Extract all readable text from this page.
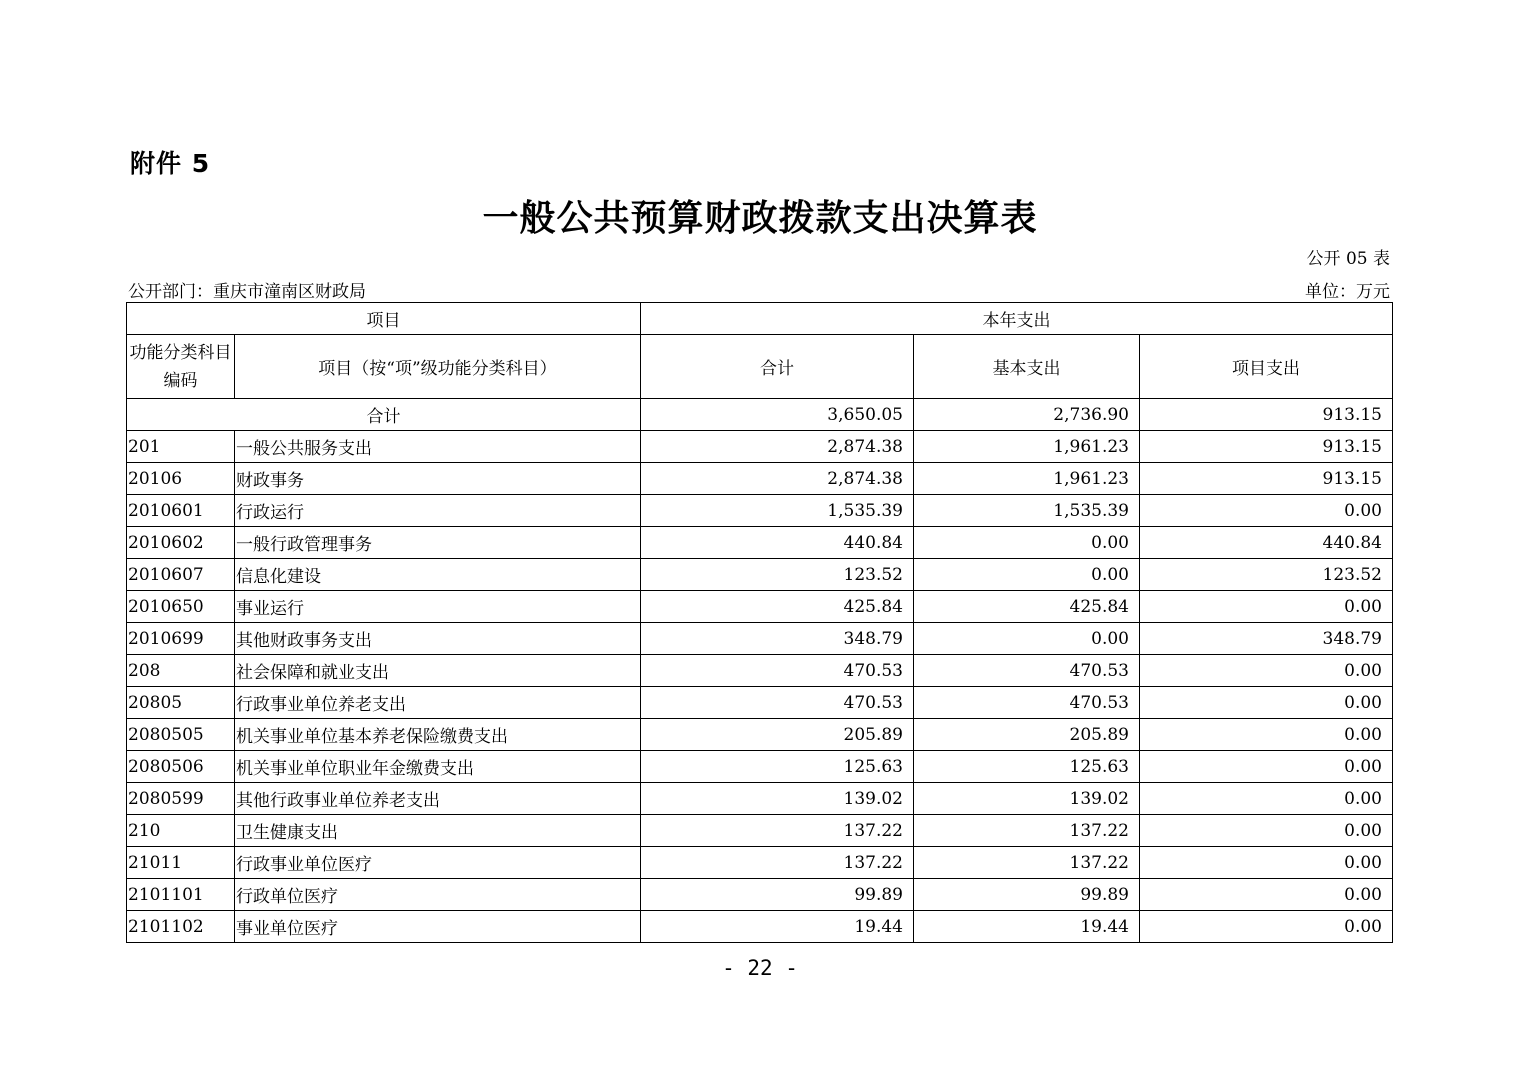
附件 5
一般公共预算财政拨款支出决算表
公开 05 表
公开部门：重庆市潼南区财政局	单位：万元
项目		本年支出		
功能分类科目编码	项目（按“项”级功能分类科目）	合计	基本支出	项目支出
合计		3,650.05	2,736.90	913.15
201	一般公共服务支出	2,874.38	1,961.23	913.15
20106	财政事务	2,874.38	1,961.23	913.15
2010601	行政运行	1,535.39	1,535.39	0.00
2010602	一般行政管理事务	440.84	0.00	440.84
2010607	信息化建设	123.52	0.00	123.52
2010650	事业运行	425.84	425.84	0.00
2010699	其他财政事务支出	348.79	0.00	348.79
208	社会保障和就业支出	470.53	470.53	0.00
20805	行政事业单位养老支出	470.53	470.53	0.00
2080505	机关事业单位基本养老保险缴费支出	205.89	205.89	0.00
2080506	机关事业单位职业年金缴费支出	125.63	125.63	0.00
2080599	其他行政事业单位养老支出	139.02	139.02	0.00
210	卫生健康支出	137.22	137.22	0.00
21011	行政事业单位医疗	137.22	137.22	0.00
2101101	行政单位医疗	99.89	99.89	0.00
2101102	事业单位医疗	19.44	19.44	0.00
- 22 -
